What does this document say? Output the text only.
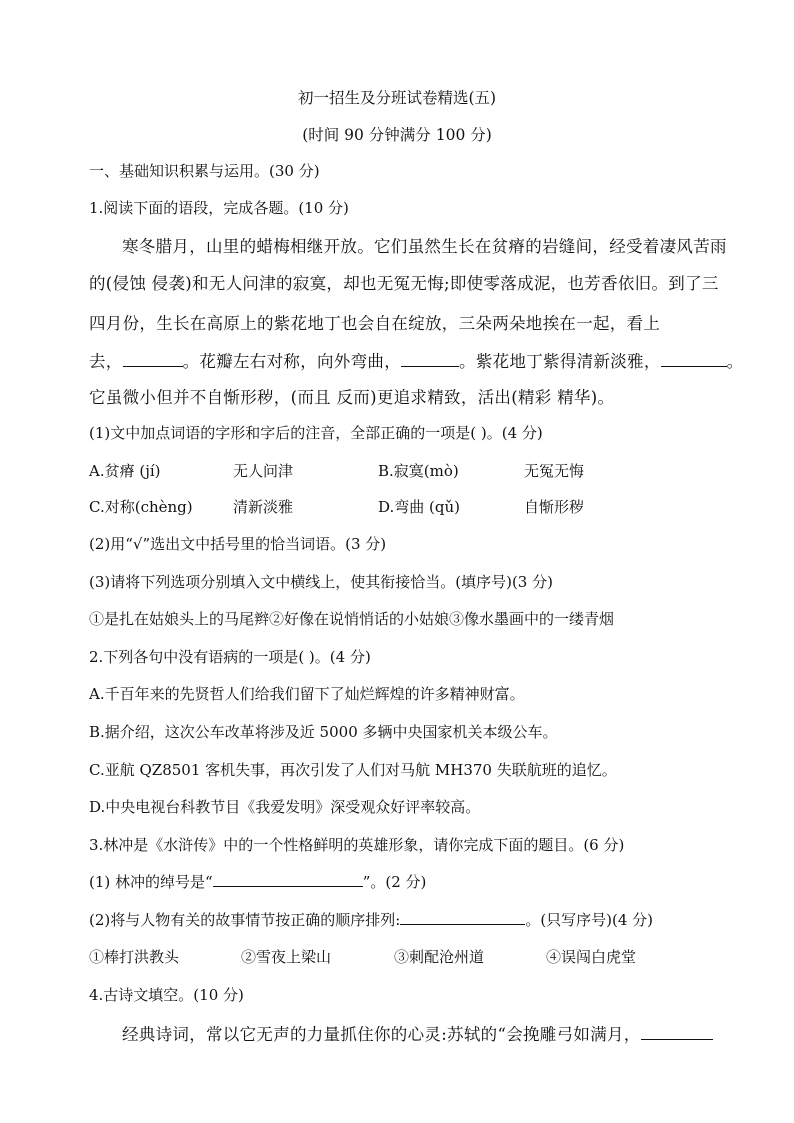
初一招生及分班试卷精选(五)
(时间 90 分钟满分 100 分)
一、基础知识积累与运用。(30 分)
1.阅读下面的语段，完成各题。(10 分)
寒冬腊月，山里的蜡梅相继开放。它们虽然生长在贫瘠的岩缝间，经受着凄风苦雨
的(侵蚀 侵袭)和无人问津的寂寞，却也无冤无悔;即使零落成泥，也芳香依旧。到了三
四月份，生长在高原上的紫花地丁也会自在绽放，三朵两朵地挨在一起，看上
去，	。花瓣左右对称，向外弯曲，	。紫花地丁紫得清新淡雅，	。
它虽微小但并不自惭形秽，(而且 反而)更追求精致，活出(精彩 精华)。
(1)文中加点词语的字形和字后的注音，全部正确的一项是( )。(4 分)
A.贫瘠 (jí)	无人问津	B.寂寞(mò)	无冤无悔
C.对称(chèng)	清新淡雅	D.弯曲 (qǔ)	自惭形秽
(2)用“√”选出文中括号里的恰当词语。(3 分)
(3)请将下列选项分别填入文中横线上，使其衔接恰当。(填序号)(3 分)
①是扎在姑娘头上的马尾辫②好像在说悄悄话的小姑娘③像水墨画中的一缕青烟
2.下列各句中没有语病的一项是( )。(4 分)
A.千百年来的先贤哲人们给我们留下了灿烂辉煌的许多精神财富。
B.据介绍，这次公车改革将涉及近 5000 多辆中央国家机关本级公车。
C.亚航 QZ8501 客机失事，再次引发了人们对马航 MH370 失联航班的追忆。
D.中央电视台科教节目《我爱发明》深受观众好评率较高。
3.林冲是《水浒传》中的一个性格鲜明的英雄形象，请你完成下面的题目。(6 分)
(1) 林冲的绰号是“	”。(2 分)
(2)将与人物有关的故事情节按正确的顺序排列:	。(只写序号)(4 分)
①棒打洪教头	②雪夜上梁山	③刺配沧州道	④误闯白虎堂
4.古诗文填空。(10 分)
经典诗词，常以它无声的力量抓住你的心灵:苏轼的“会挽雕弓如满月，
